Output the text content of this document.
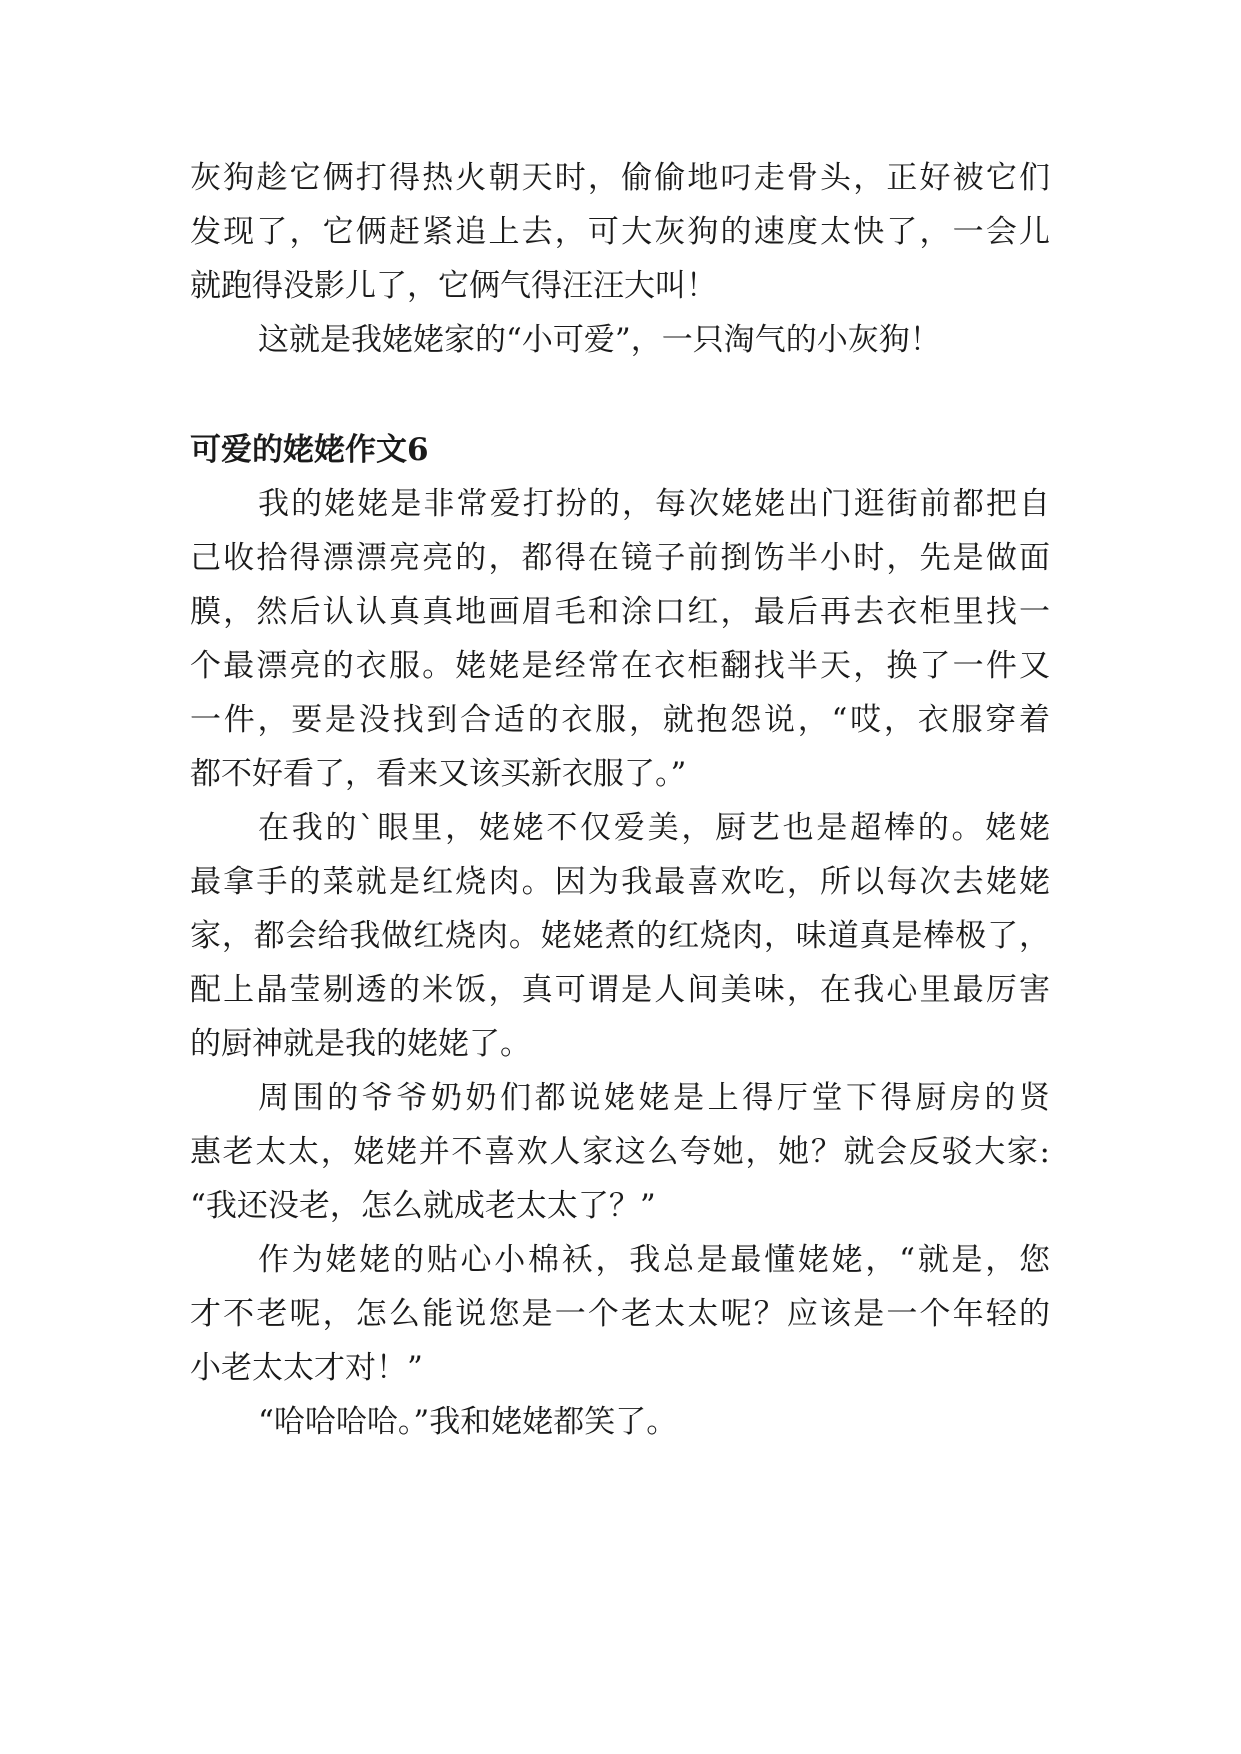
灰狗趁它俩打得热火朝天时，偷偷地叼走骨头，正好被它们

发现了，它俩赶紧追上去，可大灰狗的速度太快了，一会儿

就跑得没影儿了，它俩气得汪汪大叫！

这就是我姥姥家的“小可爱”，一只淘气的小灰狗！

可爱的姥姥作文6

我的姥姥是非常爱打扮的，每次姥姥出门逛街前都把自

己收拾得漂漂亮亮的，都得在镜子前捯饬半小时，先是做面

膜，然后认认真真地画眉毛和涂口红，最后再去衣柜里找一

个最漂亮的衣服。姥姥是经常在衣柜翻找半天，换了一件又

一件，要是没找到合适的衣服，就抱怨说，“哎，衣服穿着

都不好看了，看来又该买新衣服了。”

在我的`眼里，姥姥不仅爱美，厨艺也是超棒的。姥姥

最拿手的菜就是红烧肉。因为我最喜欢吃，所以每次去姥姥

家，都会给我做红烧肉。姥姥煮的红烧肉，味道真是棒极了，

配上晶莹剔透的米饭，真可谓是人间美味，在我心里最厉害

的厨神就是我的姥姥了。

周围的爷爷奶奶们都说姥姥是上得厅堂下得厨房的贤

惠老太太，姥姥并不喜欢人家这么夸她，她？就会反驳大家:

“我还没老，怎么就成老太太了？”

作为姥姥的贴心小棉袄，我总是最懂姥姥，“就是，您

才不老呢，怎么能说您是一个老太太呢？应该是一个年轻的

小老太太才对！”

“哈哈哈哈。”我和姥姥都笑了。
